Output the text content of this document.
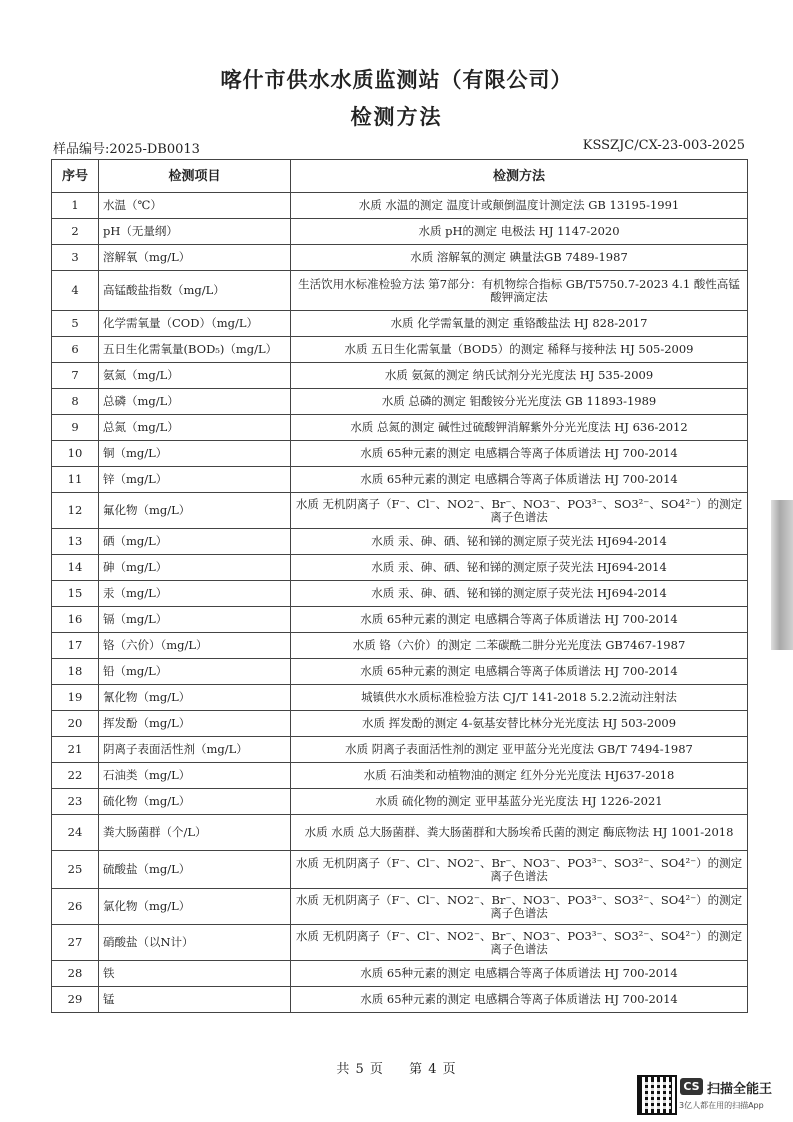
喀什市供水水质监测站（有限公司）
检测方法
样品编号:2025-DB0013	KSSZJC/CX-23-003-2025
序号	检测项目	检测方法
1	水温（℃）	水质 水温的测定 温度计或颠倒温度计测定法 GB 13195-1991
2	pH（无量纲）	水质 pH的测定 电极法 HJ 1147-2020
3	溶解氧（mg/L）	水质 溶解氧的测定 碘量法GB 7489-1987
4	高锰酸盐指数（mg/L）	生活饮用水标准检验方法 第7部分：有机物综合指标 GB/T5750.7-2023 4.1 酸性高锰酸钾滴定法
5	化学需氧量（COD）（mg/L）	水质 化学需氧量的测定 重铬酸盐法 HJ 828-2017
6	五日生化需氧量(BOD₅)（mg/L）	水质 五日生化需氧量（BOD5）的测定 稀释与接种法 HJ 505-2009
7	氨氮（mg/L）	水质 氨氮的测定 纳氏试剂分光光度法 HJ 535-2009
8	总磷（mg/L）	水质 总磷的测定 钼酸铵分光光度法 GB 11893-1989
9	总氮（mg/L）	水质 总氮的测定 碱性过硫酸钾消解紫外分光光度法 HJ 636-2012
10	铜（mg/L）	水质 65种元素的测定 电感耦合等离子体质谱法 HJ 700-2014
11	锌（mg/L）	水质 65种元素的测定 电感耦合等离子体质谱法 HJ 700-2014
12	氟化物（mg/L）	水质 无机阴离子（F⁻、Cl⁻、NO2⁻、Br⁻、NO3⁻、PO3³⁻、SO3²⁻、SO4²⁻）的测定 离子色谱法
13	硒（mg/L）	水质 汞、砷、硒、铋和锑的测定原子荧光法 HJ694-2014
14	砷（mg/L）	水质 汞、砷、硒、铋和锑的测定原子荧光法 HJ694-2014
15	汞（mg/L）	水质 汞、砷、硒、铋和锑的测定原子荧光法 HJ694-2014
16	镉（mg/L）	水质 65种元素的测定 电感耦合等离子体质谱法 HJ 700-2014
17	铬（六价）（mg/L）	水质 铬（六价）的测定 二苯碳酰二肼分光光度法 GB7467-1987
18	铅（mg/L）	水质 65种元素的测定 电感耦合等离子体质谱法 HJ 700-2014
19	氰化物（mg/L）	城镇供水水质标准检验方法 CJ/T 141-2018 5.2.2流动注射法
20	挥发酚（mg/L）	水质 挥发酚的测定 4-氨基安替比林分光光度法 HJ 503-2009
21	阴离子表面活性剂（mg/L）	水质 阴离子表面活性剂的测定 亚甲蓝分光光度法 GB/T 7494-1987
22	石油类（mg/L）	水质 石油类和动植物油的测定 红外分光光度法 HJ637-2018
23	硫化物（mg/L）	水质 硫化物的测定 亚甲基蓝分光光度法 HJ 1226-2021
24	粪大肠菌群（个/L）	水质 水质 总大肠菌群、粪大肠菌群和大肠埃希氏菌的测定 酶底物法 HJ 1001-2018
25	硫酸盐（mg/L）	水质 无机阴离子（F⁻、Cl⁻、NO2⁻、Br⁻、NO3⁻、PO3³⁻、SO3²⁻、SO4²⁻）的测定 离子色谱法
26	氯化物（mg/L）	水质 无机阴离子（F⁻、Cl⁻、NO2⁻、Br⁻、NO3⁻、PO3³⁻、SO3²⁻、SO4²⁻）的测定 离子色谱法
27	硝酸盐（以N计）	水质 无机阴离子（F⁻、Cl⁻、NO2⁻、Br⁻、NO3⁻、PO3³⁻、SO3²⁻、SO4²⁻）的测定 离子色谱法
28	铁	水质 65种元素的测定 电感耦合等离子体质谱法 HJ 700-2014
29	锰	水质 65种元素的测定 电感耦合等离子体质谱法 HJ 700-2014
共 5 页 第 4 页
CS 扫描全能王
3亿人都在用的扫描App
